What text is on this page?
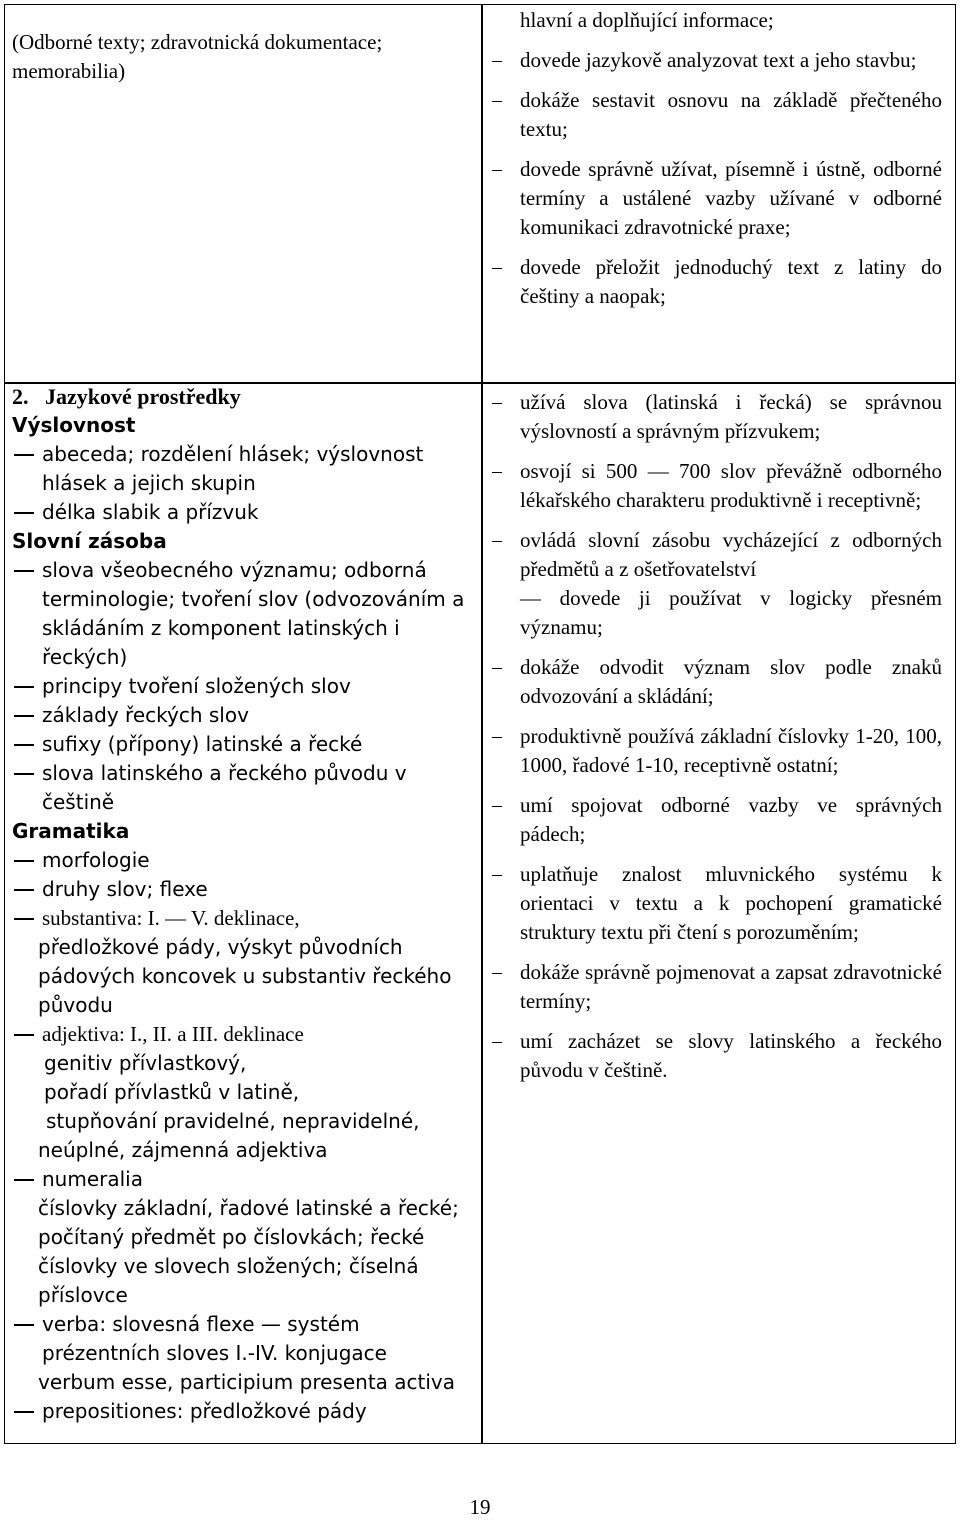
(Odborné texty; zdravotnická dokumentace; memorabilia)
hlavní a doplňující informace;
dovede jazykově analyzovat text a jeho stavbu;
dokáže sestavit osnovu na základě přečteného textu;
dovede správně užívat, písemně i ústně, odborné termíny a ustálené vazby užívané v odborné komunikaci zdravotnické praxe;
dovede přeložit jednoduchý text z latiny do češtiny a naopak;
2. Jazykové prostředky
Výslovnost
abeceda; rozdělení hlásek; výslovnost hlásek a jejich skupin
délka slabik a přízvuk
Slovní zásoba
slova všeobecného významu; odborná terminologie; tvoření slov (odvozováním a skládáním z komponent latinských i řeckých)
principy tvoření složených slov
základy řeckých slov
sufixy (přípony) latinské a řecké
slova latinského a řeckého původu v češtině
Gramatika
morfologie
druhy slov; flexe
substantiva: I. — V. deklinace,
předložkové pády, výskyt původních pádových koncovek u substantiv řeckého původu
adjektiva: I., II. a III. deklinace
genitiv přívlastkový,
pořadí přívlastků v latině,
stupňování pravidelné, nepravidelné,
neúplné, zájmenná adjektiva
numeralia
číslovky základní, řadové latinské a řecké; počítaný předmět po číslovkách; řecké číslovky ve slovech složených; číselná příslovce
verba: slovesná flexe — systém
prézentních sloves I.-IV. konjugace
verbum esse, participium presenta activa
prepositiones: předložkové pády
užívá slova (latinská i řecká) se správnou výslovností a správným přízvukem;
osvojí si 500 — 700 slov převážně odborného lékařského charakteru produktivně i receptivně;
ovládá slovní zásobu vycházející z odborných předmětů a z ošetřovatelství
— dovede ji používat v logicky přesném významu;
dokáže odvodit význam slov podle znaků odvozování a skládání;
produktivně používá základní číslovky 1-20, 100, 1000, řadové 1-10, receptivně ostatní;
umí spojovat odborné vazby ve správných pádech;
uplatňuje znalost mluvnického systému k orientaci v textu a k pochopení gramatické struktury textu při čtení s porozuměním;
dokáže správně pojmenovat a zapsat zdravotnické termíny;
umí zacházet se slovy latinského a řeckého původu v češtině.
19
